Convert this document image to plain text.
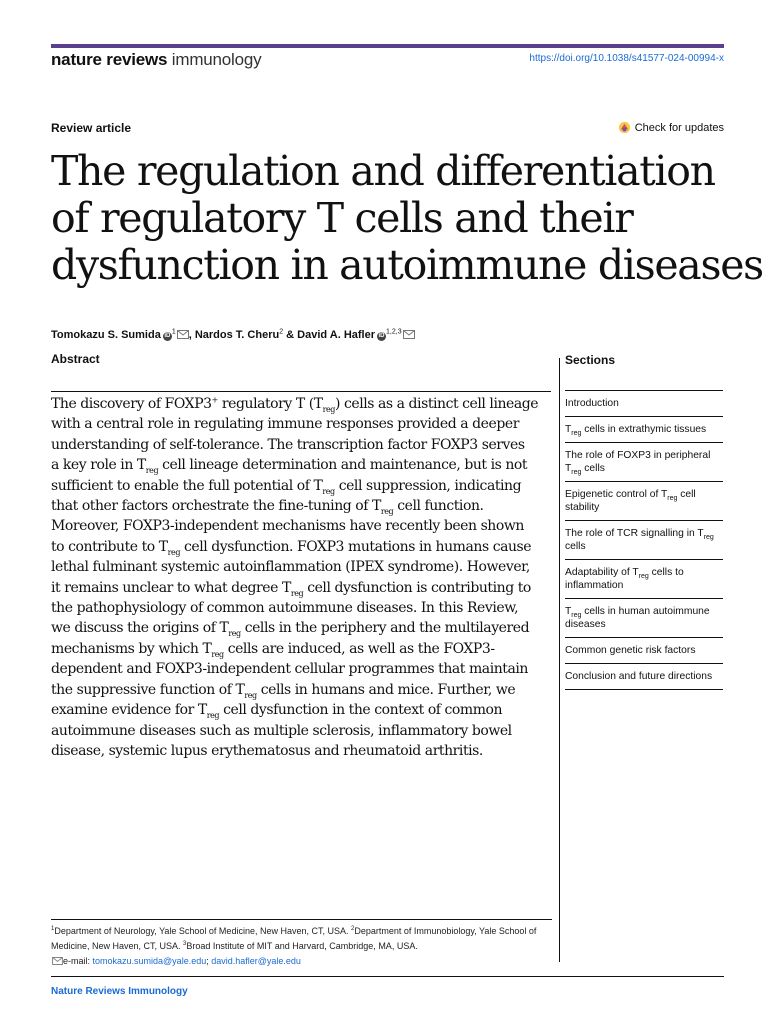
nature reviews immunology	https://doi.org/10.1038/s41577-024-00994-x
Review article	Check for updates
The regulation and differentiation
of regulatory T cells and their
dysfunction in autoimmune diseases
Tomokazu S. Sumida $iD^1$ , Nardos T. Cheru$^2$ & David A. Hafler iD$^{1,2,3}$
Abstract
The discovery of FOXP3+ regulatory T $(T_{reg})$ cells as a distinct cell lineage
with a central role in regulating immune responses provided a deeper
understanding of self-tolerance. The transcription factor FOXP3 serves
a key role in $T_{reg}$ cell lineage determination and maintenance, but is not
sufficient to enable the full potential of $T_{reg}$ cell suppression, indicating
that other factors orchestrate the fine-tuning of $T_{reg}$ cell function.
Moreover, FOXP3-independent mechanisms have recently been shown
to contribute to $T_{reg}$ cell dysfunction. FOXP3 mutations in humans cause
lethal fulminant systemic autoinflammation (IPEX syndrome). However,
it remains unclear to what degree $T_{reg}$ cell dysfunction is contributing to
the pathophysiology of common autoimmune diseases. In this Review,
we discuss the origins of $T_{reg}$ cells in the periphery and the multilayered
mechanisms by which $T_{reg}$ cells are induced, as well as the FOXP3-
dependent and FOXP3-independent cellular programmes that maintain
the suppressive function of $T_{reg}$ cells in humans and mice. Further, we
examine evidence for $T_{reg}$ cell dysfunction in the context of common
autoimmune diseases such as multiple sclerosis, inflammatory bowel
disease, systemic lupus erythematosus and rheumatoid arthritis.
Sections
Introduction
$T_{reg}$ cells in extrathymic tissues
The role of FOXP3 in peripheral $T_{reg}$ cells
Epigenetic control of $T_{reg}$ cell stability
The role of TCR signalling in $T_{reg}$ cells
Adaptability of $T_{reg}$ cells to inflammation
$T_{reg}$ cells in human autoimmune diseases
Common genetic risk factors
Conclusion and future directions
$^1$Department of Neurology, Yale School of Medicine, New Haven, CT, USA. $^2$Department of Immunobiology, Yale School of Medicine, New Haven, CT, USA. $^3$Broad Institute of MIT and Harvard, Cambridge, MA, USA.
e-mail: tomokazu.sumida@yale.edu; david.hafler@yale.edu
Nature Reviews Immunology
